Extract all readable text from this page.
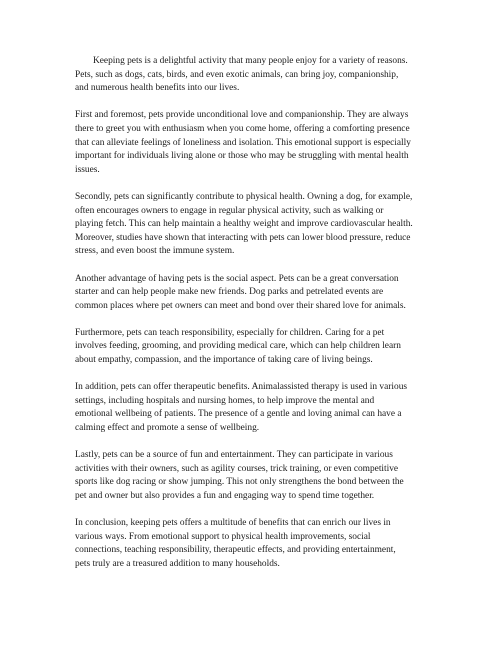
Keeping pets is a delightful activity that many people enjoy for a variety of reasons.
Pets, such as dogs, cats, birds, and even exotic animals, can bring joy, companionship,
and numerous health benefits into our lives.

First and foremost, pets provide unconditional love and companionship. They are always
there to greet you with enthusiasm when you come home, offering a comforting presence
that can alleviate feelings of loneliness and isolation. This emotional support is especially
important for individuals living alone or those who may be struggling with mental health
issues.

Secondly, pets can significantly contribute to physical health. Owning a dog, for example,
often encourages owners to engage in regular physical activity, such as walking or
playing fetch. This can help maintain a healthy weight and improve cardiovascular health.
Moreover, studies have shown that interacting with pets can lower blood pressure, reduce
stress, and even boost the immune system.

Another advantage of having pets is the social aspect. Pets can be a great conversation
starter and can help people make new friends. Dog parks and petrelated events are
common places where pet owners can meet and bond over their shared love for animals.

Furthermore, pets can teach responsibility, especially for children. Caring for a pet
involves feeding, grooming, and providing medical care, which can help children learn
about empathy, compassion, and the importance of taking care of living beings.

In addition, pets can offer therapeutic benefits. Animalassisted therapy is used in various
settings, including hospitals and nursing homes, to help improve the mental and
emotional wellbeing of patients. The presence of a gentle and loving animal can have a
calming effect and promote a sense of wellbeing.

Lastly, pets can be a source of fun and entertainment. They can participate in various
activities with their owners, such as agility courses, trick training, or even competitive
sports like dog racing or show jumping. This not only strengthens the bond between the
pet and owner but also provides a fun and engaging way to spend time together.

In conclusion, keeping pets offers a multitude of benefits that can enrich our lives in
various ways. From emotional support to physical health improvements, social
connections, teaching responsibility, therapeutic effects, and providing entertainment,
pets truly are a treasured addition to many households.
